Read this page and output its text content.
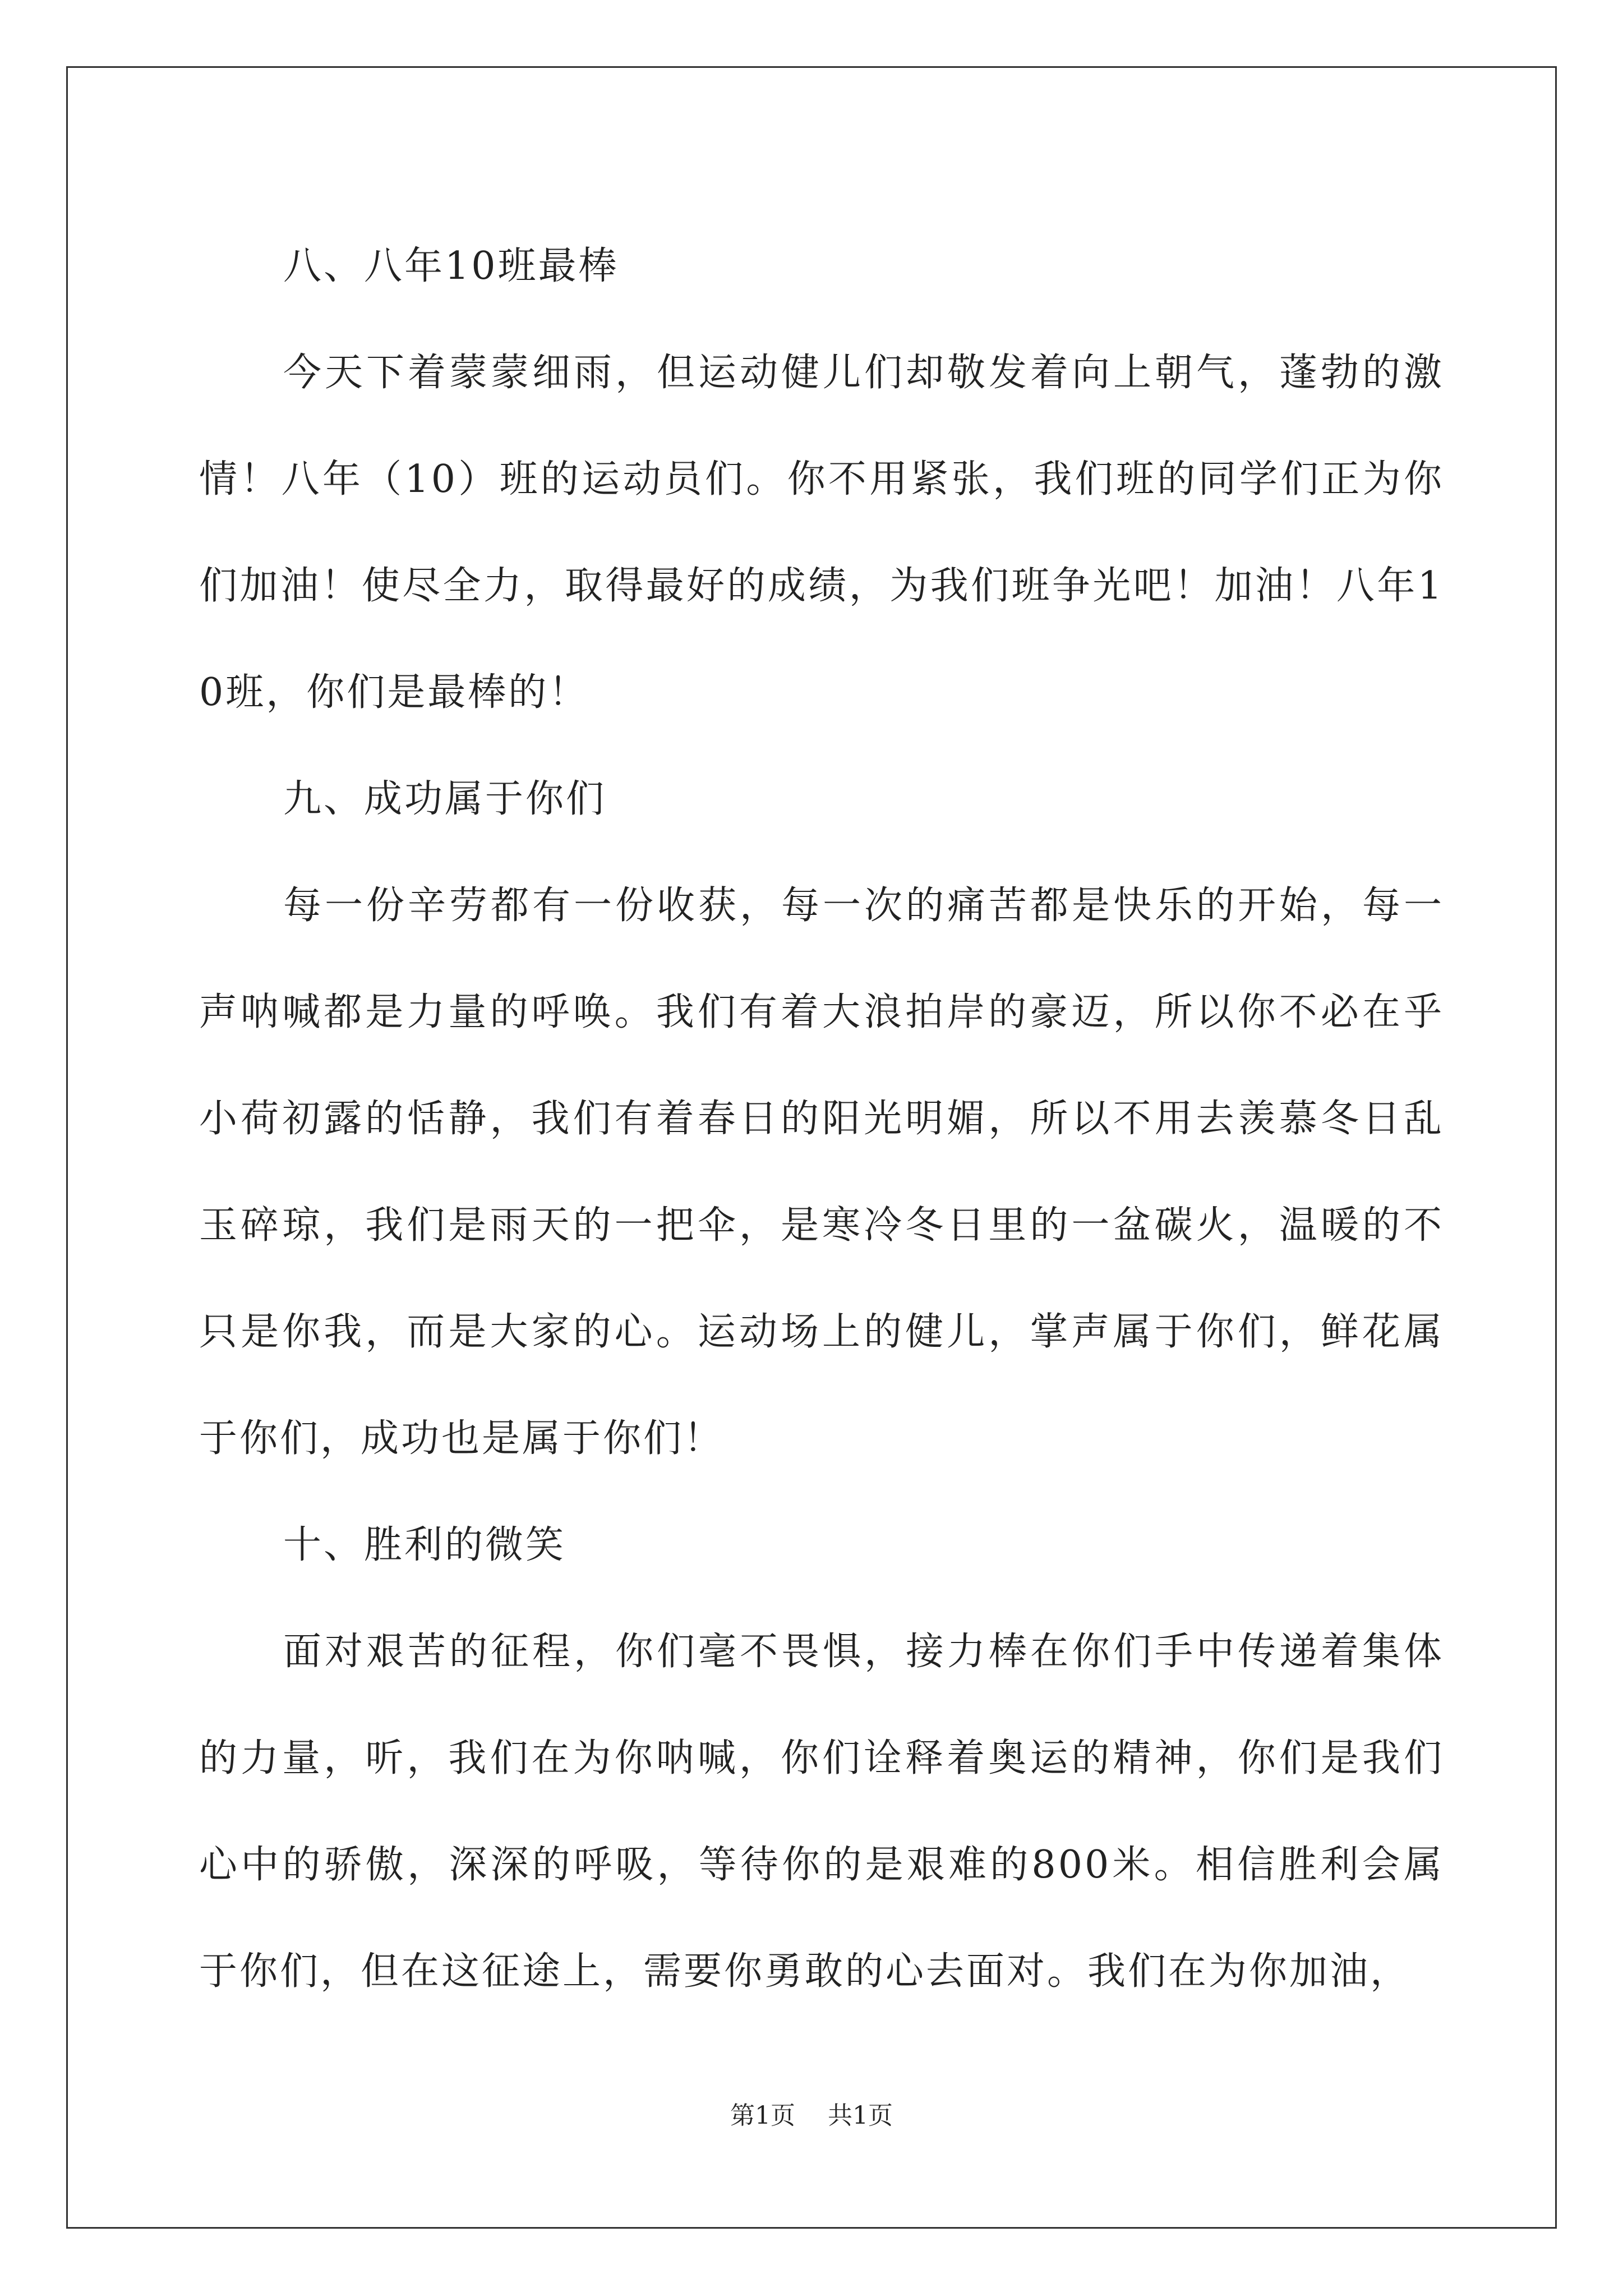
八、八年10班最棒

今天下着蒙蒙细雨，但运动健儿们却敬发着向上朝气，蓬勃的激情！八年（10）班的运动员们。你不用紧张，我们班的同学们正为你们加油！使尽全力，取得最好的成绩，为我们班争光吧！加油！八年10班，你们是最棒的！

九、成功属于你们

每一份辛劳都有一份收获，每一次的痛苦都是快乐的开始，每一声呐喊都是力量的呼唤。我们有着大浪拍岸的豪迈，所以你不必在乎小荷初露的恬静，我们有着春日的阳光明媚，所以不用去羡慕冬日乱玉碎琼，我们是雨天的一把伞，是寒冷冬日里的一盆碳火，温暖的不只是你我，而是大家的心。运动场上的健儿，掌声属于你们，鲜花属于你们，成功也是属于你们！

十、胜利的微笑

面对艰苦的征程，你们毫不畏惧，接力棒在你们手中传递着集体的力量，听，我们在为你呐喊，你们诠释着奥运的精神，你们是我们心中的骄傲，深深的呼吸，等待你的是艰难的800米。相信胜利会属于你们，但在这征途上，需要你勇敢的心去面对。我们在为你加油，

第1页 共1页
